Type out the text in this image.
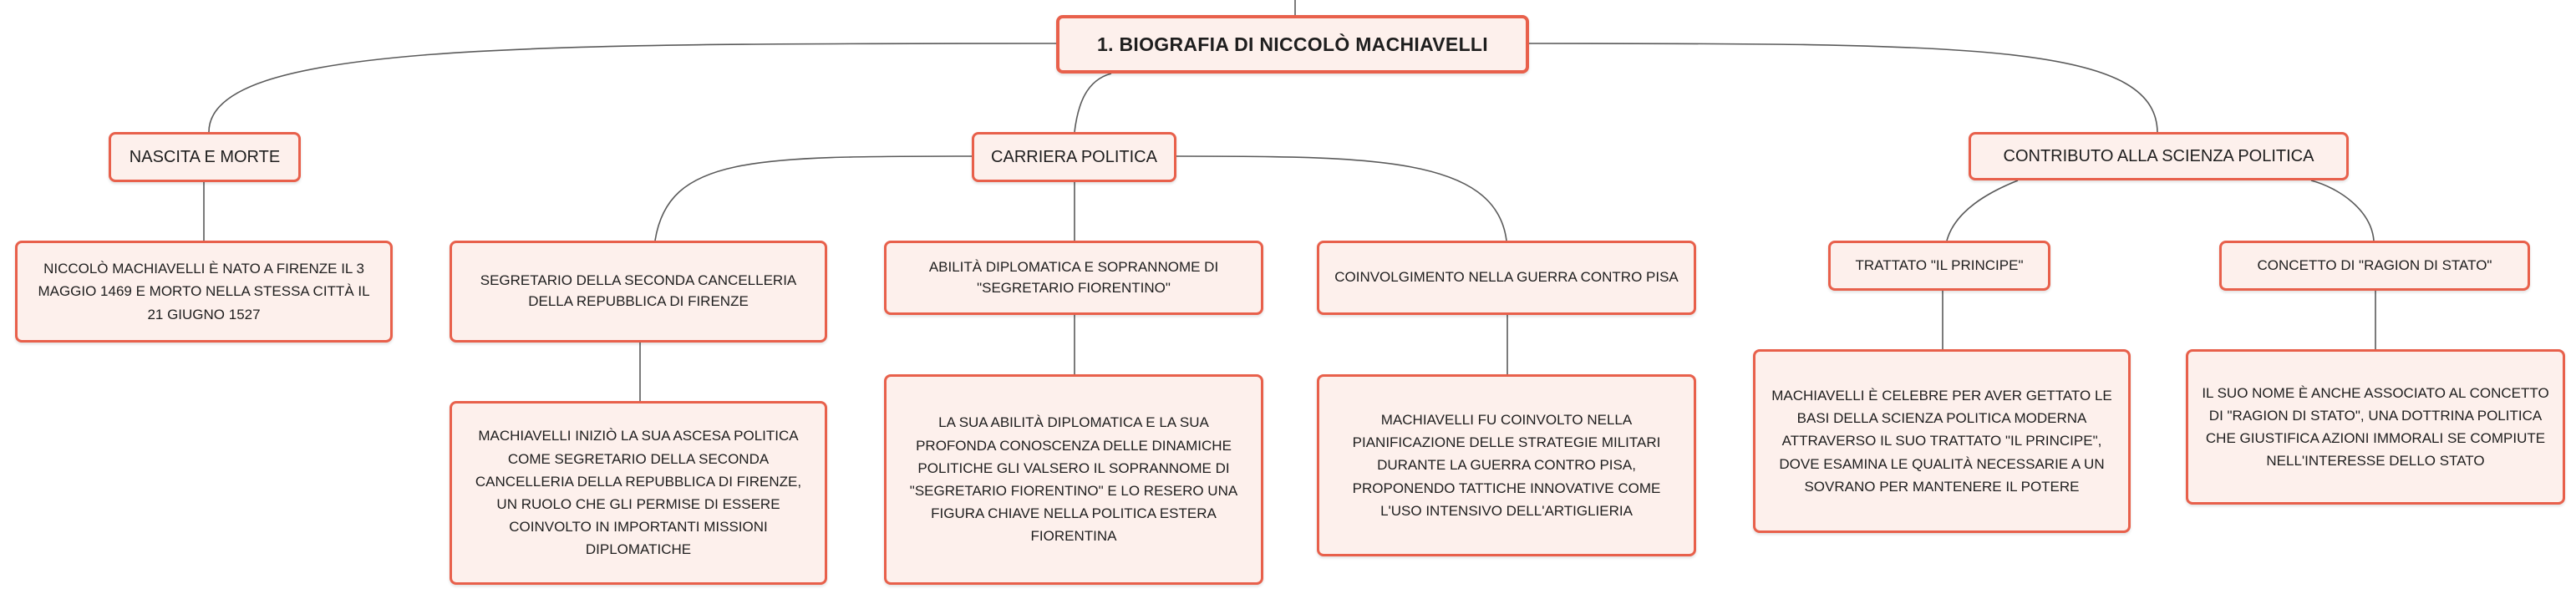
1. BIOGRAFIA DI NICCOLÒ MACHIAVELLI
NASCITA E MORTE	CARRIERA POLITICA	CONTRIBUTO ALLA SCIENZA POLITICA
NICCOLÒ MACHIAVELLI È NATO A FIRENZE IL 3 MAGGIO 1469 E MORTO NELLA STESSA CITTÀ IL 21 GIUGNO 1527
SEGRETARIO DELLA SECONDA CANCELLERIA DELLA REPUBBLICA DI FIRENZE
ABILITÀ DIPLOMATICA E SOPRANNOME DI "SEGRETARIO FIORENTINO"
COINVOLGIMENTO NELLA GUERRA CONTRO PISA
MACHIAVELLI INIZIÒ LA SUA ASCESA POLITICA COME SEGRETARIO DELLA SECONDA CANCELLERIA DELLA REPUBBLICA DI FIRENZE, UN RUOLO CHE GLI PERMISE DI ESSERE COINVOLTO IN IMPORTANTI MISSIONI DIPLOMATICHE
LA SUA ABILITÀ DIPLOMATICA E LA SUA PROFONDA CONOSCENZA DELLE DINAMICHE POLITICHE GLI VALSERO IL SOPRANNOME DI "SEGRETARIO FIORENTINO" E LO RESERO UNA FIGURA CHIAVE NELLA POLITICA ESTERA FIORENTINA
MACHIAVELLI FU COINVOLTO NELLA PIANIFICAZIONE DELLE STRATEGIE MILITARI DURANTE LA GUERRA CONTRO PISA, PROPONENDO TATTICHE INNOVATIVE COME L'USO INTENSIVO DELL'ARTIGLIERIA
TRATTATO "IL PRINCIPE"	CONCETTO DI "RAGION DI STATO"
MACHIAVELLI È CELEBRE PER AVER GETTATO LE BASI DELLA SCIENZA POLITICA MODERNA ATTRAVERSO IL SUO TRATTATO "IL PRINCIPE", DOVE ESAMINA LE QUALITÀ NECESSARIE A UN SOVRANO PER MANTENERE IL POTERE
IL SUO NOME È ANCHE ASSOCIATO AL CONCETTO DI "RAGION DI STATO", UNA DOTTRINA POLITICA CHE GIUSTIFICA AZIONI IMMORALI SE COMPIUTE NELL'INTERESSE DELLO STATO
